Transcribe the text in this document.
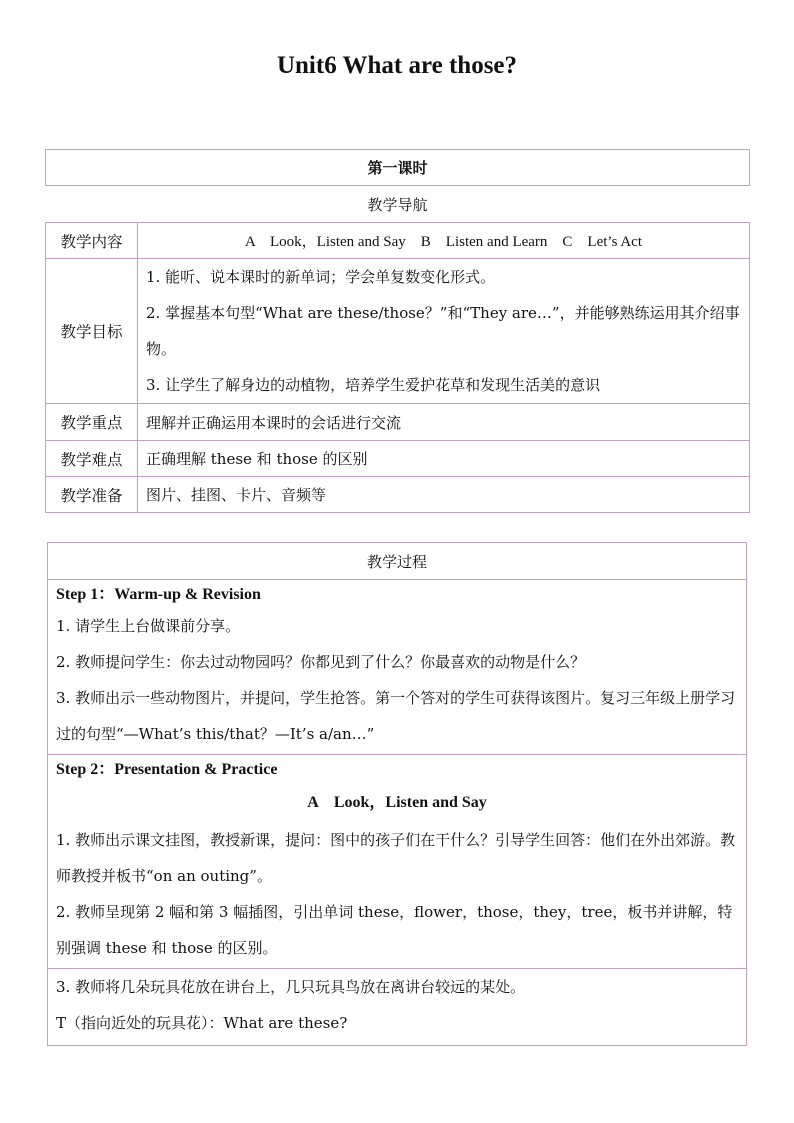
Unit6 What are those?
第一课时	
教学导航	
教学内容	A　Look，Listen and Say　B　Listen and Learn　C　Let’s Act
教学目标	1. 能听、说本课时的新单词；学会单复数变化形式。
2. 掌握基本句型“What are these/those？”和“They are…”，并能够熟练运用其介绍事物。
3. 让学生了解身边的动植物，培养学生爱护花草和发现生活美的意识

教学重点	理解并正确运用本课时的会话进行交流
教学难点	正确理解 these 和 those 的区别
教学准备	图片、挂图、卡片、音频等
教学过程

Step 1：Warm-up & Revision
1. 请学生上台做课前分享。
2. 教师提问学生：你去过动物园吗？你都见到了什么？你最喜欢的动物是什么？
3. 教师出示一些动物图片，并提问，学生抢答。第一个答对的学生可获得该图片。复习三年级上册学习过的句型“—What’s this/that？—It’s a/an…”

Step 2：Presentation & Practice
A　Look，Listen and Say
1. 教师出示课文挂图，教授新课，提问：图中的孩子们在干什么？引导学生回答：他们在外出郊游。教师教授并板书“on an outing”。
2. 教师呈现第 2 幅和第 3 幅插图，引出单词 these，flower，those，they，tree，板书并讲解，特别强调 these 和 those 的区别。

3. 教师将几朵玩具花放在讲台上，几只玩具鸟放在离讲台较远的某处。
T（指向近处的玩具花）：What are these?
